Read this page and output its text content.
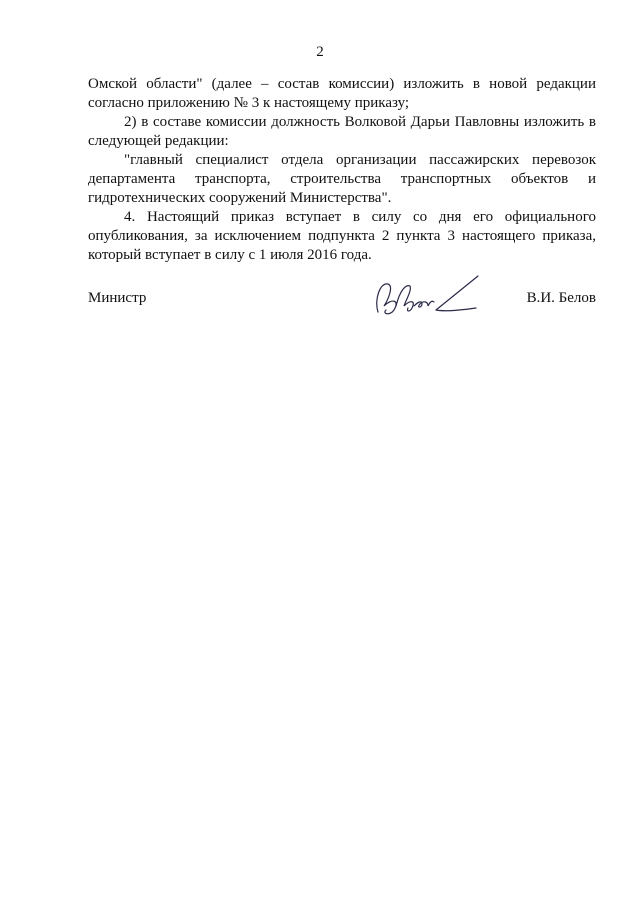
2

Омской области" (далее – состав комиссии) изложить в новой редакции согласно приложению № 3 к настоящему приказу;

2) в составе комиссии должность Волковой Дарьи Павловны изложить в следующей редакции:

"главный специалист отдела организации пассажирских перевозок департамента транспорта, строительства транспортных объектов и гидротехнических сооружений Министерства".

4. Настоящий приказ вступает в силу со дня его официального опубликования, за исключением подпункта 2 пункта 3 настоящего приказа, который вступает в силу с 1 июля 2016 года.

Министр	В.И. Белов
